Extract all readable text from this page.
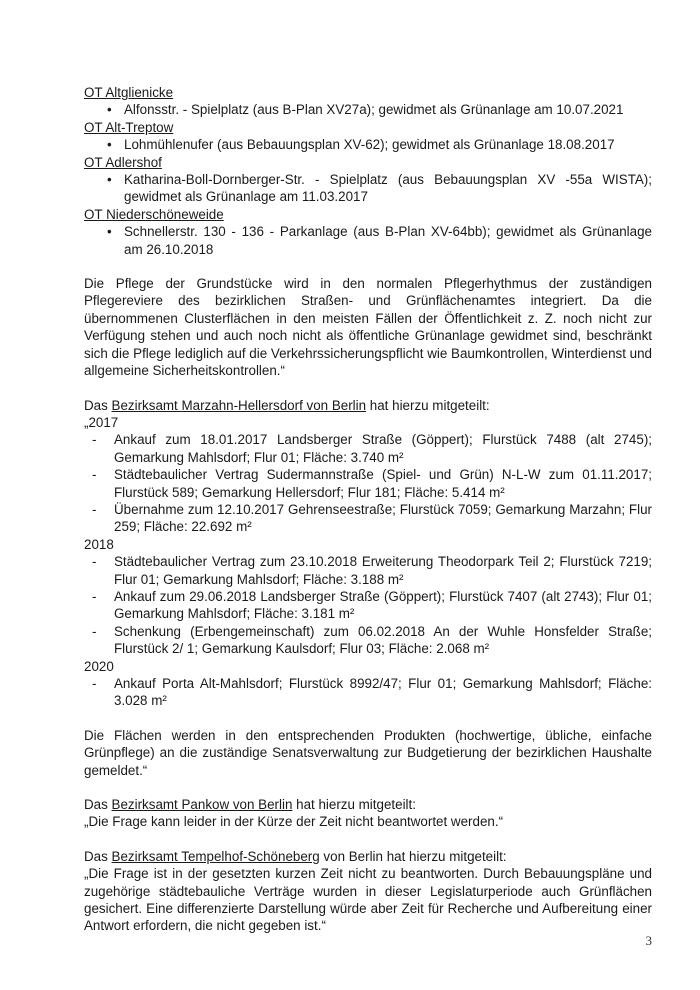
OT Altglienicke

• Alfonsstr. - Spielplatz (aus B-Plan XV27a); gewidmet als Grünanlage am 10.07.2021

OT Alt-Treptow

• Lohmühlenufer (aus Bebauungsplan XV-62); gewidmet als Grünanlage 18.08.2017

OT Adlershof

• Katharina-Boll-Dornberger-Str. - Spielplatz (aus Bebauungsplan XV -55a WISTA); gewidmet als Grünanlage am 11.03.2017

OT Niederschöneweide

• Schnellerstr. 130 - 136 - Parkanlage (aus B-Plan XV-64bb); gewidmet als Grünanlage am 26.10.2018

Die Pflege der Grundstücke wird in den normalen Pflegerhythmus der zuständigen Pflegereviere des bezirklichen Straßen- und Grünflächenamtes integriert. Da die übernommenen Clusterflächen in den meisten Fällen der Öffentlichkeit z. Z. noch nicht zur Verfügung stehen und auch noch nicht als öffentliche Grünanlage gewidmet sind, beschränkt sich die Pflege lediglich auf die Verkehrssicherungspflicht wie Baumkontrollen, Winterdienst und allgemeine Sicherheitskontrollen.“

Das Bezirksamt Marzahn-Hellersdorf von Berlin hat hierzu mitgeteilt:

„2017

- Ankauf zum 18.01.2017 Landsberger Straße (Göppert); Flurstück 7488 (alt 2745); Gemarkung Mahlsdorf; Flur 01; Fläche: 3.740 m²
- Städtebaulicher Vertrag Sudermannstraße (Spiel- und Grün) N-L-W zum 01.11.2017; Flurstück 589; Gemarkung Hellersdorf; Flur 181; Fläche: 5.414 m²
- Übernahme zum 12.10.2017 Gehrenseestraße; Flurstück 7059; Gemarkung Marzahn; Flur 259; Fläche: 22.692 m²

2018

- Städtebaulicher Vertrag zum 23.10.2018 Erweiterung Theodorpark Teil 2; Flurstück 7219; Flur 01; Gemarkung Mahlsdorf; Fläche: 3.188 m²
- Ankauf zum 29.06.2018 Landsberger Straße (Göppert); Flurstück 7407 (alt 2743); Flur 01; Gemarkung Mahlsdorf; Fläche: 3.181 m²
- Schenkung (Erbengemeinschaft) zum 06.02.2018 An der Wuhle Honsfelder Straße; Flurstück 2/ 1; Gemarkung Kaulsdorf; Flur 03; Fläche: 2.068 m²

2020

- Ankauf Porta Alt-Mahlsdorf; Flurstück 8992/47; Flur 01; Gemarkung Mahlsdorf; Fläche: 3.028 m²

Die Flächen werden in den entsprechenden Produkten (hochwertige, übliche, einfache Grünpflege) an die zuständige Senatsverwaltung zur Budgetierung der bezirklichen Haushalte gemeldet.“

Das Bezirksamt Pankow von Berlin hat hierzu mitgeteilt:

„Die Frage kann leider in der Kürze der Zeit nicht beantwortet werden.“

Das Bezirksamt Tempelhof-Schöneberg von Berlin hat hierzu mitgeteilt:

„Die Frage ist in der gesetzten kurzen Zeit nicht zu beantworten. Durch Bebauungspläne und zugehörige städtebauliche Verträge wurden in dieser Legislaturperiode auch Grünflächen gesichert. Eine differenzierte Darstellung würde aber Zeit für Recherche und Aufbereitung einer Antwort erfordern, die nicht gegeben ist.“

3
